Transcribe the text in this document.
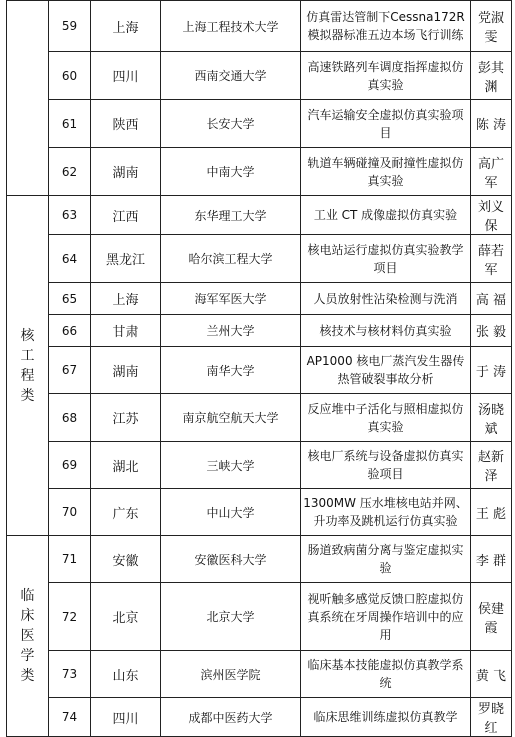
	59	上海	上海工程技术大学	仿真雷达管制下Cessna172R模拟器标准五边本场飞行训练	党淑雯
	60	四川	西南交通大学	高速铁路列车调度指挥虚拟仿真实验	彭其渊
	61	陕西	长安大学	汽车运输安全虚拟仿真实验项目	陈 涛
	62	湖南	中南大学	轨道车辆碰撞及耐撞性虚拟仿真实验	高广军
核工程类	63	江西	东华理工大学	工业 CT 成像虚拟仿真实验	刘义保
	64	黑龙江	哈尔滨工程大学	核电站运行虚拟仿真实验教学项目	薛若军
	65	上海	海军军医大学	人员放射性沾染检测与洗消	高 福
	66	甘肃	兰州大学	核技术与核材料仿真实验	张 毅
	67	湖南	南华大学	AP1000 核电厂蒸汽发生器传热管破裂事故分析	于 涛
	68	江苏	南京航空航天大学	反应堆中子活化与照相虚拟仿真实验	汤晓斌
	69	湖北	三峡大学	核电厂系统与设备虚拟仿真实验项目	赵新泽
	70	广东	中山大学	1300MW 压水堆核电站并网、升功率及跳机运行仿真实验	王 彪
临床医学类	71	安徽	安徽医科大学	肠道致病菌分离与鉴定虚拟实验	李 群
	72	北京	北京大学	视听触多感觉反馈口腔虚拟仿真系统在牙周操作培训中的应用	侯建霞
	73	山东	滨州医学院	临床基本技能虚拟仿真教学系统	黄 飞
	74	四川	成都中医药大学	临床思维训练虚拟仿真教学	罗晓红
